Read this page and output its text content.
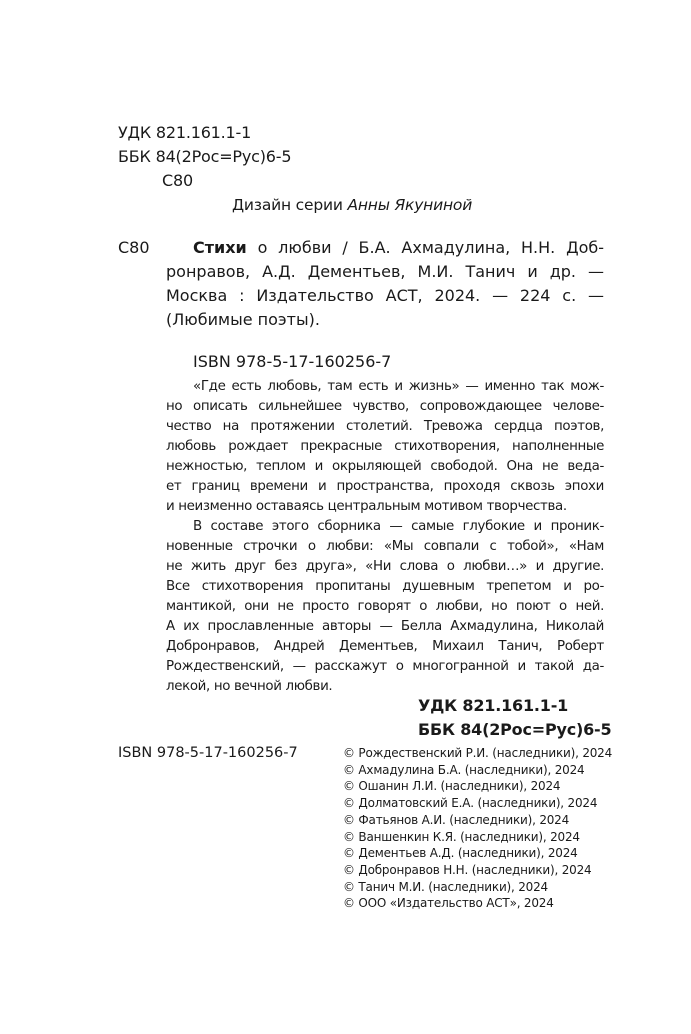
УДК 821.161.1-1
ББК 84(2Рос=Рус)6-5
С80
Дизайн серии Анны Якуниной
С80	Стихи о любви / Б.А. Ахмадулина, Н.Н. Доб-
ронравов, А.Д. Дементьев, М.И. Танич и др. —
Москва : Издательство АСТ, 2024. — 224 с. —
(Любимые поэты).
ISBN 978-5-17-160256-7
«Где есть любовь, там есть и жизнь» — именно так мож-
но описать сильнейшее чувство, сопровождающее челове-
чество на протяжении столетий. Тревожа сердца поэтов,
любовь рождает прекрасные стихотворения, наполненные
нежностью, теплом и окрыляющей свободой. Она не веда-
ет границ времени и пространства, проходя сквозь эпохи
и неизменно оставаясь центральным мотивом творчества.
В составе этого сборника — самые глубокие и проник-
новенные строчки о любви: «Мы совпали с тобой», «Нам
не жить друг без друга», «Ни слова о любви…» и другие.
Все стихотворения пропитаны душевным трепетом и ро-
мантикой, они не просто говорят о любви, но поют о ней.
А их прославленные авторы — Белла Ахмадулина, Николай
Добронравов, Андрей Дементьев, Михаил Танич, Роберт
Рождественский, — расскажут о многогранной и такой да-
лекой, но вечной любви.
УДК 821.161.1-1
ББК 84(2Рос=Рус)6-5
ISBN 978-5-17-160256-7	© Рождественский Р.И. (наследники), 2024
© Ахмадулина Б.А. (наследники), 2024
© Ошанин Л.И. (наследники), 2024
© Долматовский Е.А. (наследники), 2024
© Фатьянов А.И. (наследники), 2024
© Ваншенкин К.Я. (наследники), 2024
© Дементьев А.Д. (наследники), 2024
© Добронравов Н.Н. (наследники), 2024
© Танич М.И. (наследники), 2024
© ООО «Издательство АСТ», 2024
